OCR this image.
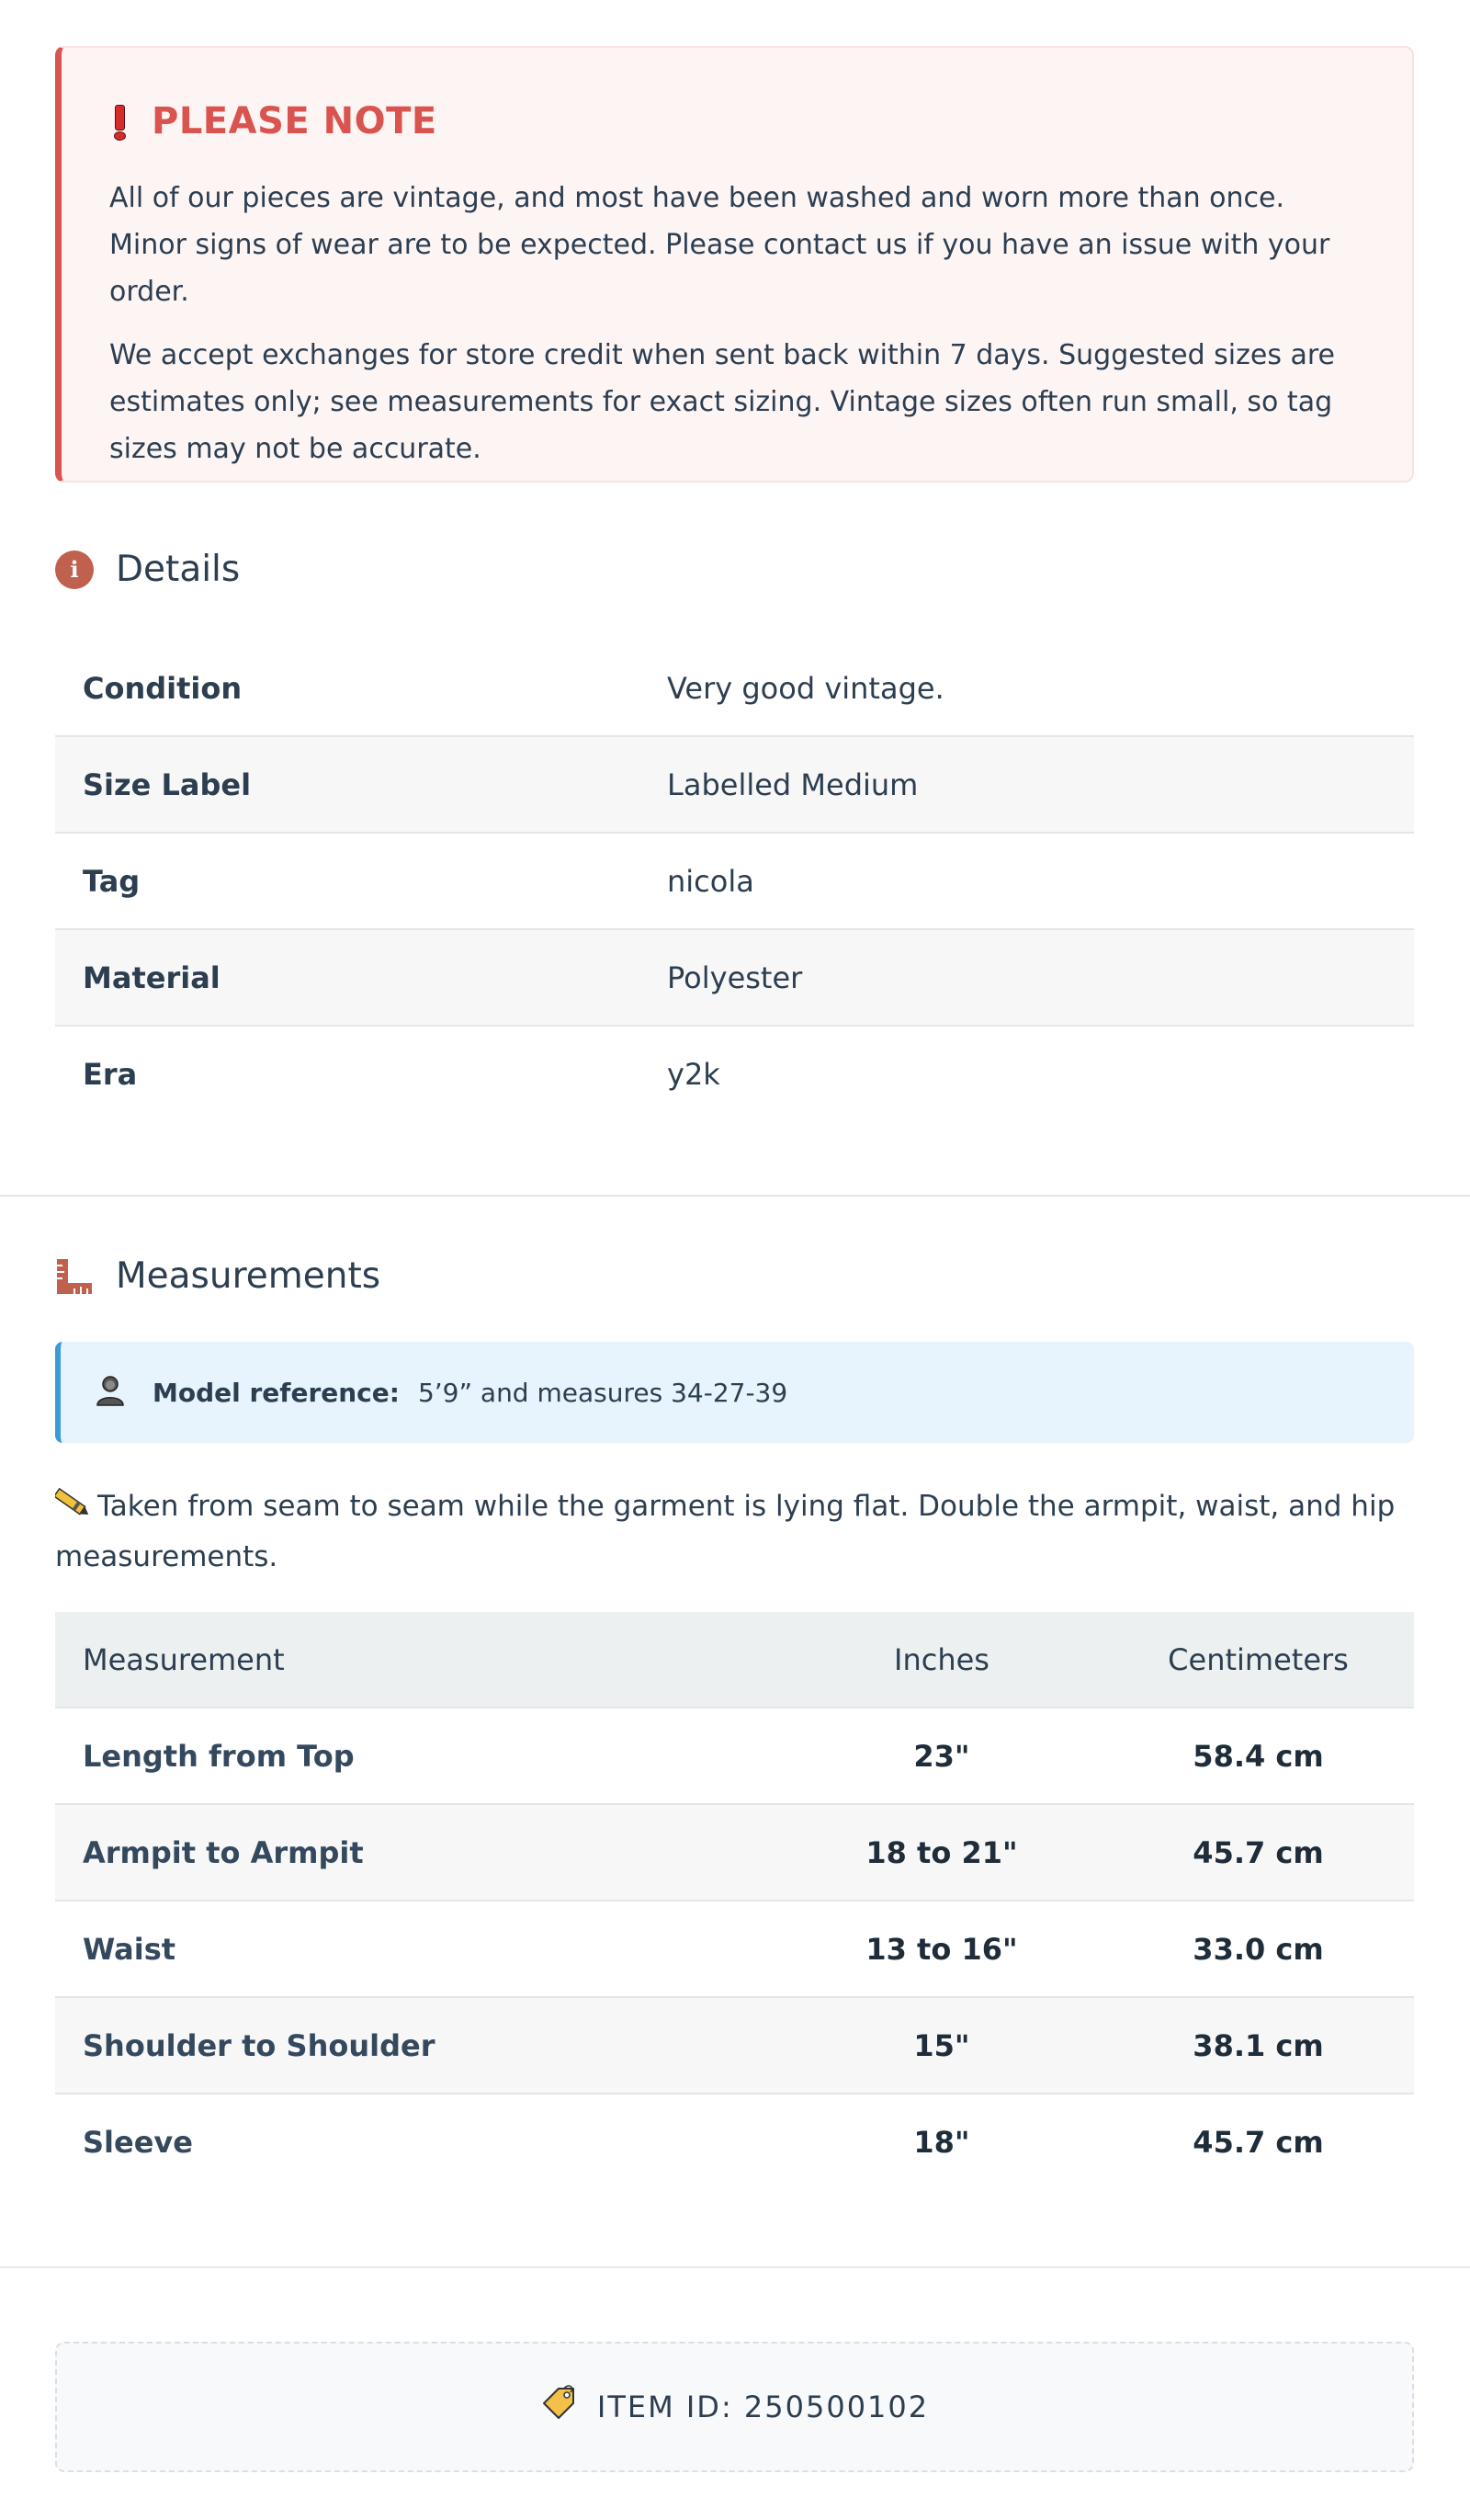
PLEASE NOTE

All of our pieces are vintage, and most have been washed and worn more than once. Minor signs of wear are to be expected. Please contact us if you have an issue with your order.

We accept exchanges for store credit when sent back within 7 days. Suggested sizes are estimates only; see measurements for exact sizing. Vintage sizes often run small, so tag sizes may not be accurate.

i	Details
Condition	Very good vintage.
Size Label	Labelled Medium
Tag	nicola
Material	Polyester
Era	y2k
Measurements
Model reference: 5’9” and measures 34-27-39
Taken from seam to seam while the garment is lying flat. Double the armpit, waist, and hip measurements.
Measurement	Inches	Centimeters
Length from Top	23"	58.4 cm
Armpit to Armpit	18 to 21"	45.7 cm
Waist	13 to 16"	33.0 cm
Shoulder to Shoulder	15"	38.1 cm
Sleeve	18"	45.7 cm
ITEM ID: 250500102
